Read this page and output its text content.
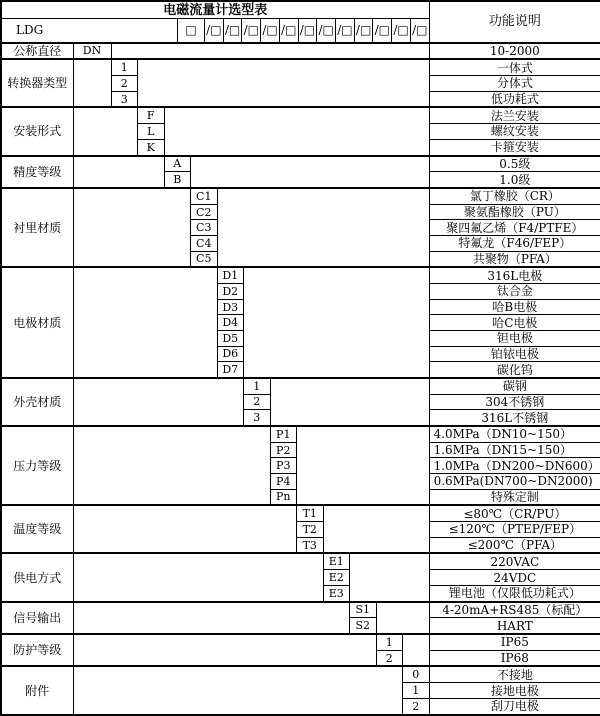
电磁流量计选型表														功能说明

LDG	□ /□ /□ /□ /□ /□ /□ /□ /□ /□ /□ /□ /□

公称直径	DN													10-2000
转换器类型		1												一体式
		2												分体式
		3												低功耗式
安装形式			F											法兰安装
			L											螺纹安装
			K											卡箍安装
精度等级				A										0.5级
				B										1.0级
衬里材质					C1									氯丁橡胶（CR）
					C2									聚氨酯橡胶（PU）
					C3									聚四氟乙烯（F4/PTFE）
					C4									特氟龙（F46/FEP）
					C5									共聚物（PFA）
电极材质						D1								316L电极
						D2								钛合金
						D3								哈B电极
						D4								哈C电极
						D5								钽电极
						D6								铂铱电极
						D7								碳化钨
外壳材质							1							碳钢
							2							304不锈钢
							3							316L不锈钢
压力等级								P1						4.0MPa（DN10~150）
								P2						1.6MPa（DN15~150）
								P3						1.0MPa（DN200~DN600）
								P4						0.6MPa(DN700~DN2000)
								Pn						特殊定制
温度等级									T1					≤80℃（CR/PU）
									T2					≤120℃（PTEP/FEP）
									T3					≤200℃（PFA）
供电方式										E1				220VAC
										E2				24VDC
										E3				锂电池（仅限低功耗式）
信号输出											S1			4-20mA+RS485（标配）
											S2			HART
防护等级												1		IP65
												2		IP68
附件													0	不接地
													1	接地电极
													2	刮刀电极
